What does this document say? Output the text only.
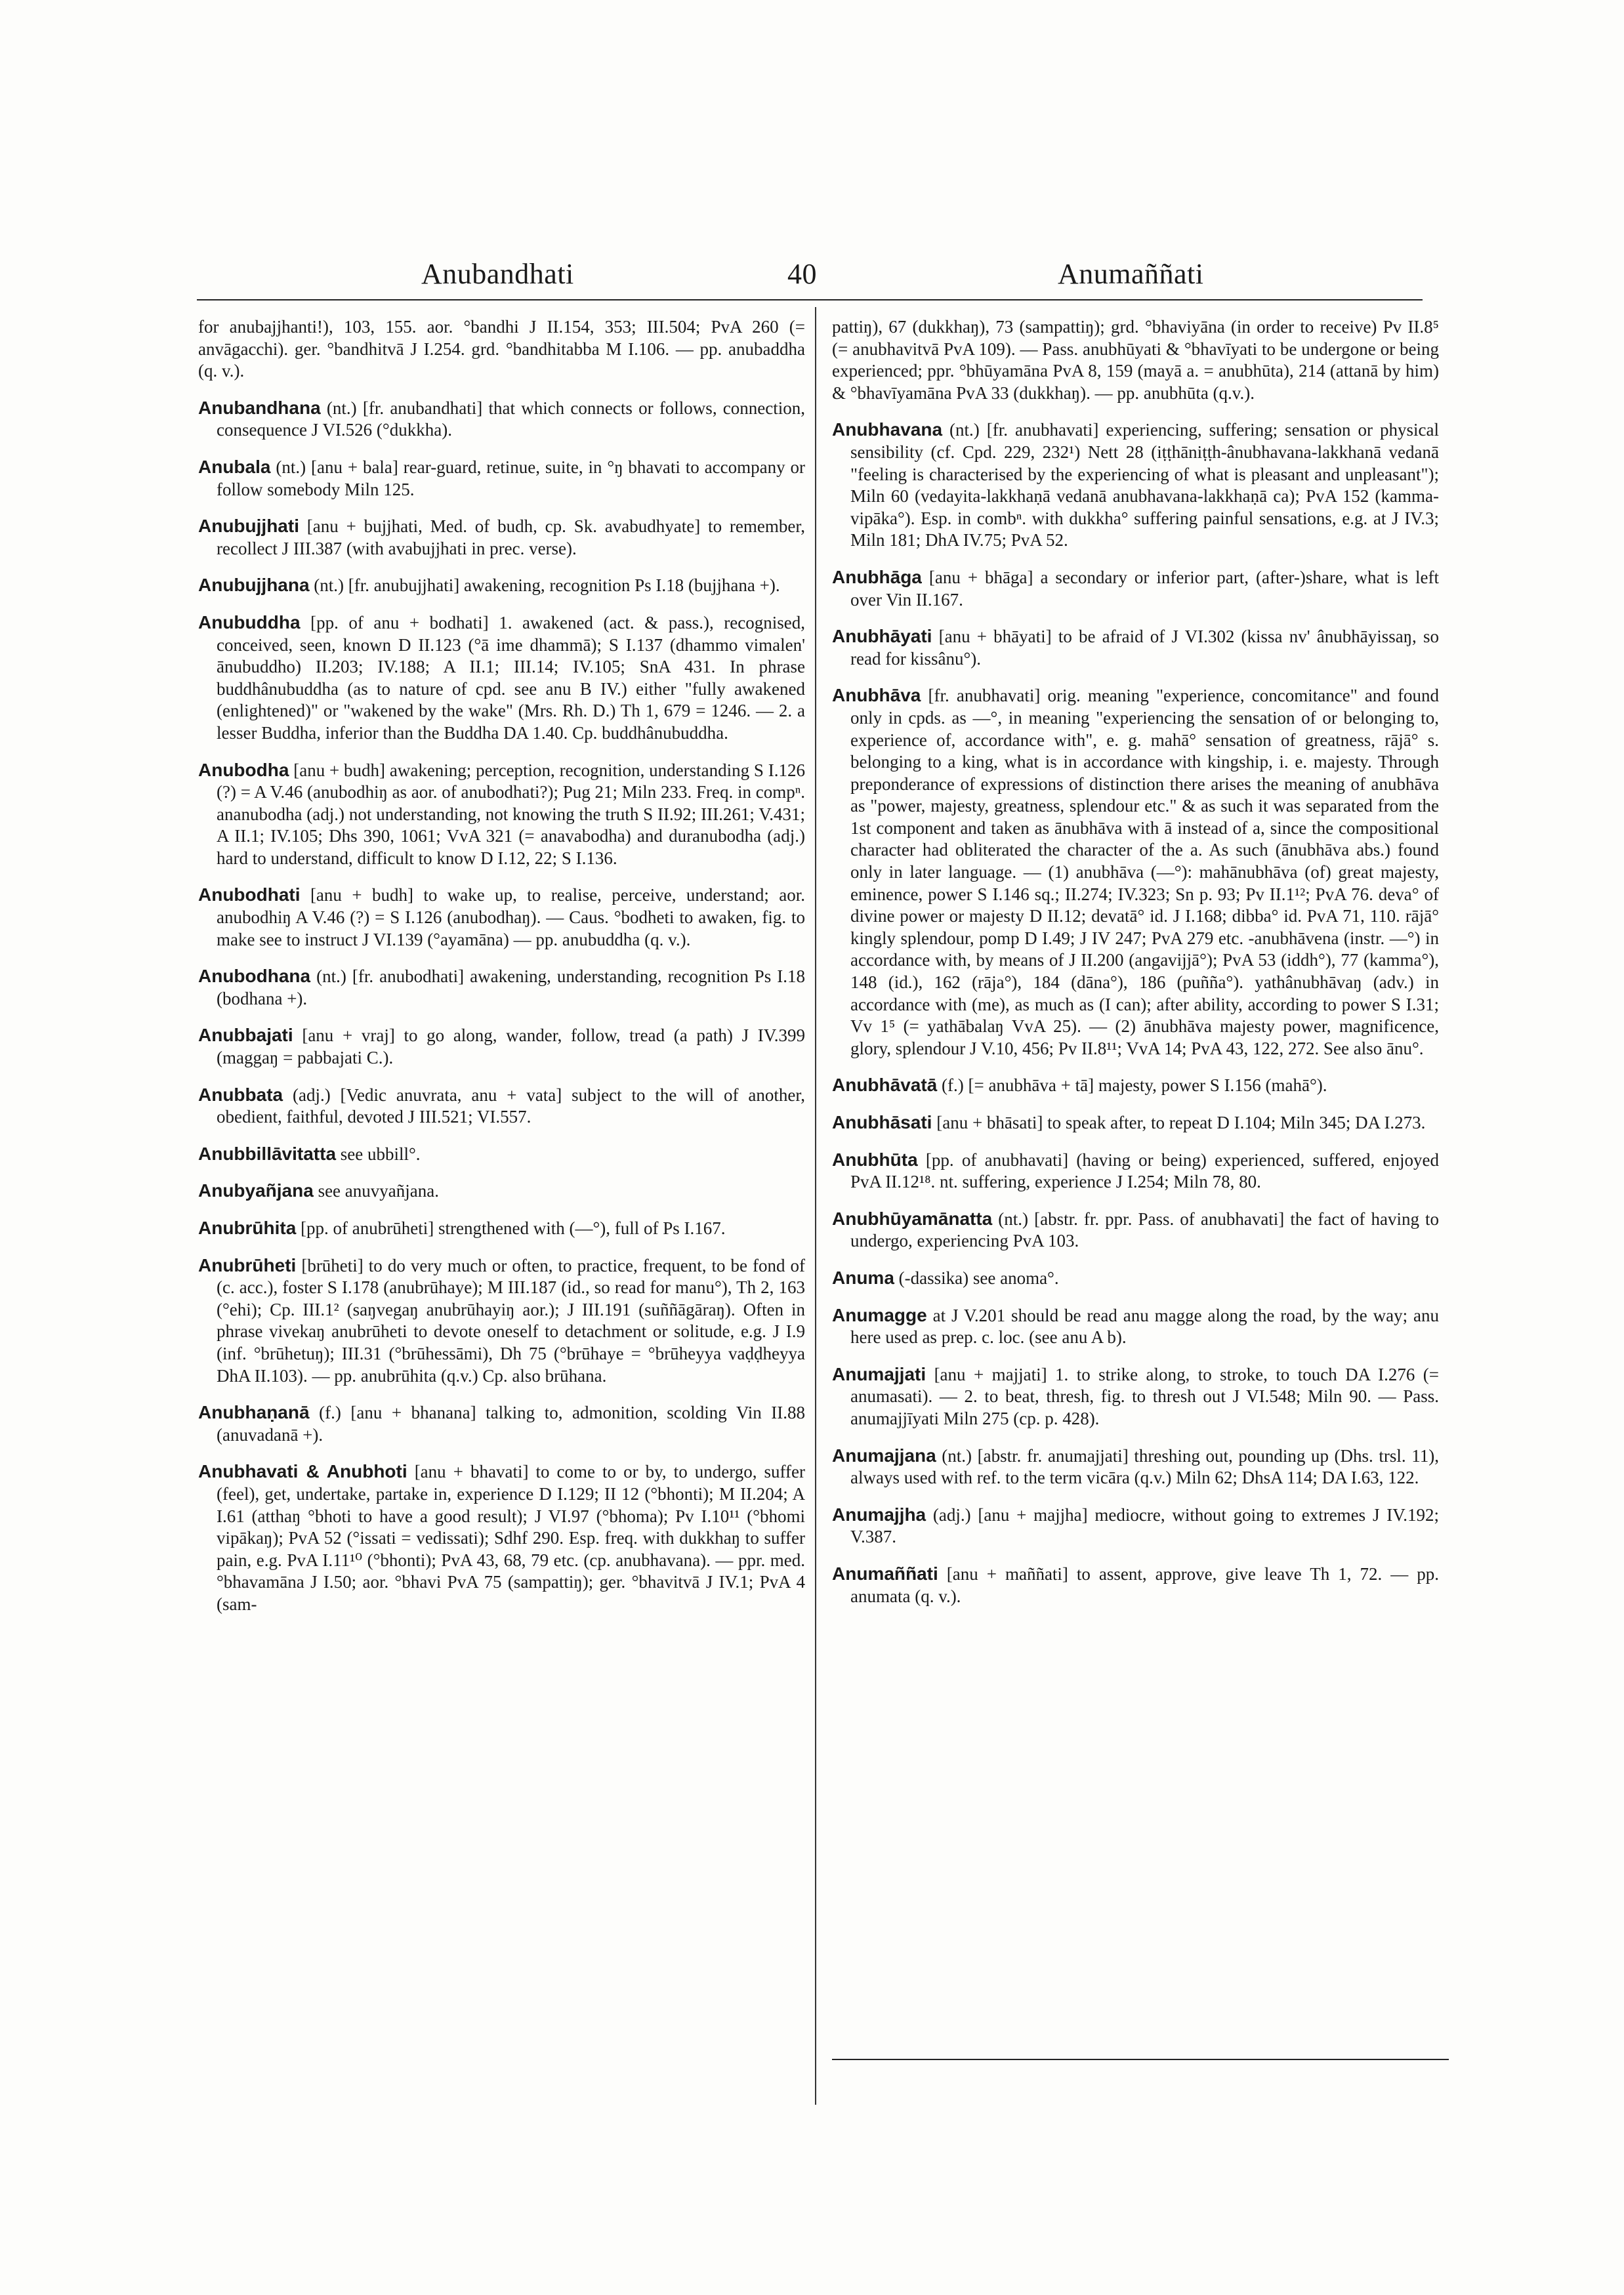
Anubandhati	40	Anumaññati

for anubajjhanti!), 103, 155. aor. °bandhi J II.154, 353; III.504; PvA 260 (= anvāgacchi). ger. °bandhitvā J I.254. grd. °bandhitabba M I.106. — pp. anubaddha (q. v.).

Anubandhana (nt.) [fr. anubandhati] that which connects or follows, connection, consequence J VI.526 (°dukkha).

Anubala (nt.) [anu + bala] rear-guard, retinue, suite, in °ŋ bhavati to accompany or follow somebody Miln 125.

Anubujjhati [anu + bujjhati, Med. of budh, cp. Sk. avabudhyate] to remember, recollect J III.387 (with avabujjhati in prec. verse).

Anubujjhana (nt.) [fr. anubujjhati] awakening, recognition Ps I.18 (bujjhana +).

Anubuddha [pp. of anu + bodhati] 1. awakened (act. & pass.), recognised, conceived, seen, known D II.123 (°ā ime dhammā); S I.137 (dhammo vimalen' ānubuddho) II.203; IV.188; A II.1; III.14; IV.105; SnA 431. In phrase buddhânubuddha (as to nature of cpd. see anu B IV.) either "fully awakened (enlightened)" or "wakened by the wake" (Mrs. Rh. D.) Th 1, 679 = 1246. — 2. a lesser Buddha, inferior than the Buddha DA 1.40. Cp. buddhânubuddha.

Anubodha [anu + budh] awakening; perception, recognition, understanding S I.126 (?) = A V.46 (anubodhiŋ as aor. of anubodhati?); Pug 21; Miln 233. Freq. in compⁿ. ananubodha (adj.) not understanding, not knowing the truth S II.92; III.261; V.431; A II.1; IV.105; Dhs 390, 1061; VvA 321 (= anavabodha) and duranubodha (adj.) hard to understand, difficult to know D I.12, 22; S I.136.

Anubodhati [anu + budh] to wake up, to realise, perceive, understand; aor. anubodhiŋ A V.46 (?) = S I.126 (anubodhaŋ). — Caus. °bodheti to awaken, fig. to make see to instruct J VI.139 (°ayamāna) — pp. anubuddha (q. v.).

Anubodhana (nt.) [fr. anubodhati] awakening, understanding, recognition Ps I.18 (bodhana +).

Anubbajati [anu + vraj] to go along, wander, follow, tread (a path) J IV.399 (maggaŋ = pabbajati C.).

Anubbata (adj.) [Vedic anuvrata, anu + vata] subject to the will of another, obedient, faithful, devoted J III.521; VI.557.

Anubbillāvitatta see ubbill°.

Anubyañjana see anuvyañjana.

Anubrūhita [pp. of anubrūheti] strengthened with (—°), full of Ps I.167.

Anubrūheti [brūheti] to do very much or often, to practice, frequent, to be fond of (c. acc.), foster S I.178 (anubrūhaye); M III.187 (id., so read for manu°), Th 2, 163 (°ehi); Cp. III.1² (saŋvegaŋ anubrūhayiŋ aor.); J III.191 (suññāgāraŋ). Often in phrase vivekaŋ anubrūheti to devote oneself to detachment or solitude, e.g. J I.9 (inf. °brūhetuŋ); III.31 (°brūhessāmi), Dh 75 (°brūhaye = °brūheyya vaḍḍheyya DhA II.103). — pp. anubrūhita (q.v.) Cp. also brūhana.

Anubhaṇanā (f.) [anu + bhanana] talking to, admonition, scolding Vin II.88 (anuvadanā +).

Anubhavati & Anubhoti [anu + bhavati] to come to or by, to undergo, suffer (feel), get, undertake, partake in, experience D I.129; II 12 (°bhonti); M II.204; A I.61 (atthaŋ °bhoti to have a good result); J VI.97 (°bhoma); Pv I.10¹¹ (°bhomi vipākaŋ); PvA 52 (°issati = vedissati); Sdhf 290. Esp. freq. with dukkhaŋ to suffer pain, e.g. PvA I.11¹⁰ (°bhonti); PvA 43, 68, 79 etc. (cp. anubhavana). — ppr. med. °bhavamāna J I.50; aor. °bhavi PvA 75 (sampattiŋ); ger. °bhavitvā J IV.1; PvA 4 (sam-

pattiŋ), 67 (dukkhaŋ), 73 (sampattiŋ); grd. °bhaviyāna (in order to receive) Pv II.8⁵ (= anubhavitvā PvA 109). — Pass. anubhūyati & °bhavīyati to be undergone or being experienced; ppr. °bhūyamāna PvA 8, 159 (mayā a. = anubhūta), 214 (attanā by him) & °bhavīyamāna PvA 33 (dukkhaŋ). — pp. anubhūta (q.v.).

Anubhavana (nt.) [fr. anubhavati] experiencing, suffering; sensation or physical sensibility (cf. Cpd. 229, 232¹) Nett 28 (iṭṭhāniṭṭh-ânubhavana-lakkhanā vedanā "feeling is characterised by the experiencing of what is pleasant and unpleasant"); Miln 60 (vedayita-lakkhaṇā vedanā anubhavana-lakkhaṇā ca); PvA 152 (kamma-vipāka°). Esp. in combⁿ. with dukkha° suffering painful sensations, e.g. at J IV.3; Miln 181; DhA IV.75; PvA 52.

Anubhāga [anu + bhāga] a secondary or inferior part, (after-)share, what is left over Vin II.167.

Anubhāyati [anu + bhāyati] to be afraid of J VI.302 (kissa nv' ânubhāyissaŋ, so read for kissânu°).

Anubhāva [fr. anubhavati] orig. meaning "experience, concomitance" and found only in cpds. as —°, in meaning "experiencing the sensation of or belonging to, experience of, accordance with", e. g. mahā° sensation of greatness, rājā° s. belonging to a king, what is in accordance with kingship, i. e. majesty. Through preponderance of expressions of distinction there arises the meaning of anubhāva as "power, majesty, greatness, splendour etc." & as such it was separated from the 1st component and taken as ānubhāva with ā instead of a, since the compositional character had obliterated the character of the a. As such (ānubhāva abs.) found only in later language. — (1) anubhāva (—°): mahānubhāva (of) great majesty, eminence, power S I.146 sq.; II.274; IV.323; Sn p. 93; Pv II.1¹²; PvA 76. deva° of divine power or majesty D II.12; devatā° id. J I.168; dibba° id. PvA 71, 110. rājā° kingly splendour, pomp D I.49; J IV 247; PvA 279 etc. -anubhāvena (instr. —°) in accordance with, by means of J II.200 (angavijjā°); PvA 53 (iddh°), 77 (kamma°), 148 (id.), 162 (rāja°), 184 (dāna°), 186 (puñña°). yathânubhāvaŋ (adv.) in accordance with (me), as much as (I can); after ability, according to power S I.31; Vv 1⁵ (= yathābalaŋ VvA 25). — (2) ānubhāva majesty power, magnificence, glory, splendour J V.10, 456; Pv II.8¹¹; VvA 14; PvA 43, 122, 272. See also ānu°.

Anubhāvatā (f.) [= anubhāva + tā] majesty, power S I.156 (mahā°).

Anubhāsati [anu + bhāsati] to speak after, to repeat D I.104; Miln 345; DA I.273.

Anubhūta [pp. of anubhavati] (having or being) experienced, suffered, enjoyed PvA II.12¹⁸. nt. suffering, experience J I.254; Miln 78, 80.

Anubhūyamānatta (nt.) [abstr. fr. ppr. Pass. of anubhavati] the fact of having to undergo, experiencing PvA 103.

Anuma (-dassika) see anoma°.

Anumagge at J V.201 should be read anu magge along the road, by the way; anu here used as prep. c. loc. (see anu A b).

Anumajjati [anu + majjati] 1. to strike along, to stroke, to touch DA I.276 (= anumasati). — 2. to beat, thresh, fig. to thresh out J VI.548; Miln 90. — Pass. anumajjīyati Miln 275 (cp. p. 428).

Anumajjana (nt.) [abstr. fr. anumajjati] threshing out, pounding up (Dhs. trsl. 11), always used with ref. to the term vicāra (q.v.) Miln 62; DhsA 114; DA I.63, 122.

Anumajjha (adj.) [anu + majjha] mediocre, without going to extremes J IV.192; V.387.

Anumaññati [anu + maññati] to assent, approve, give leave Th 1, 72. — pp. anumata (q. v.).
